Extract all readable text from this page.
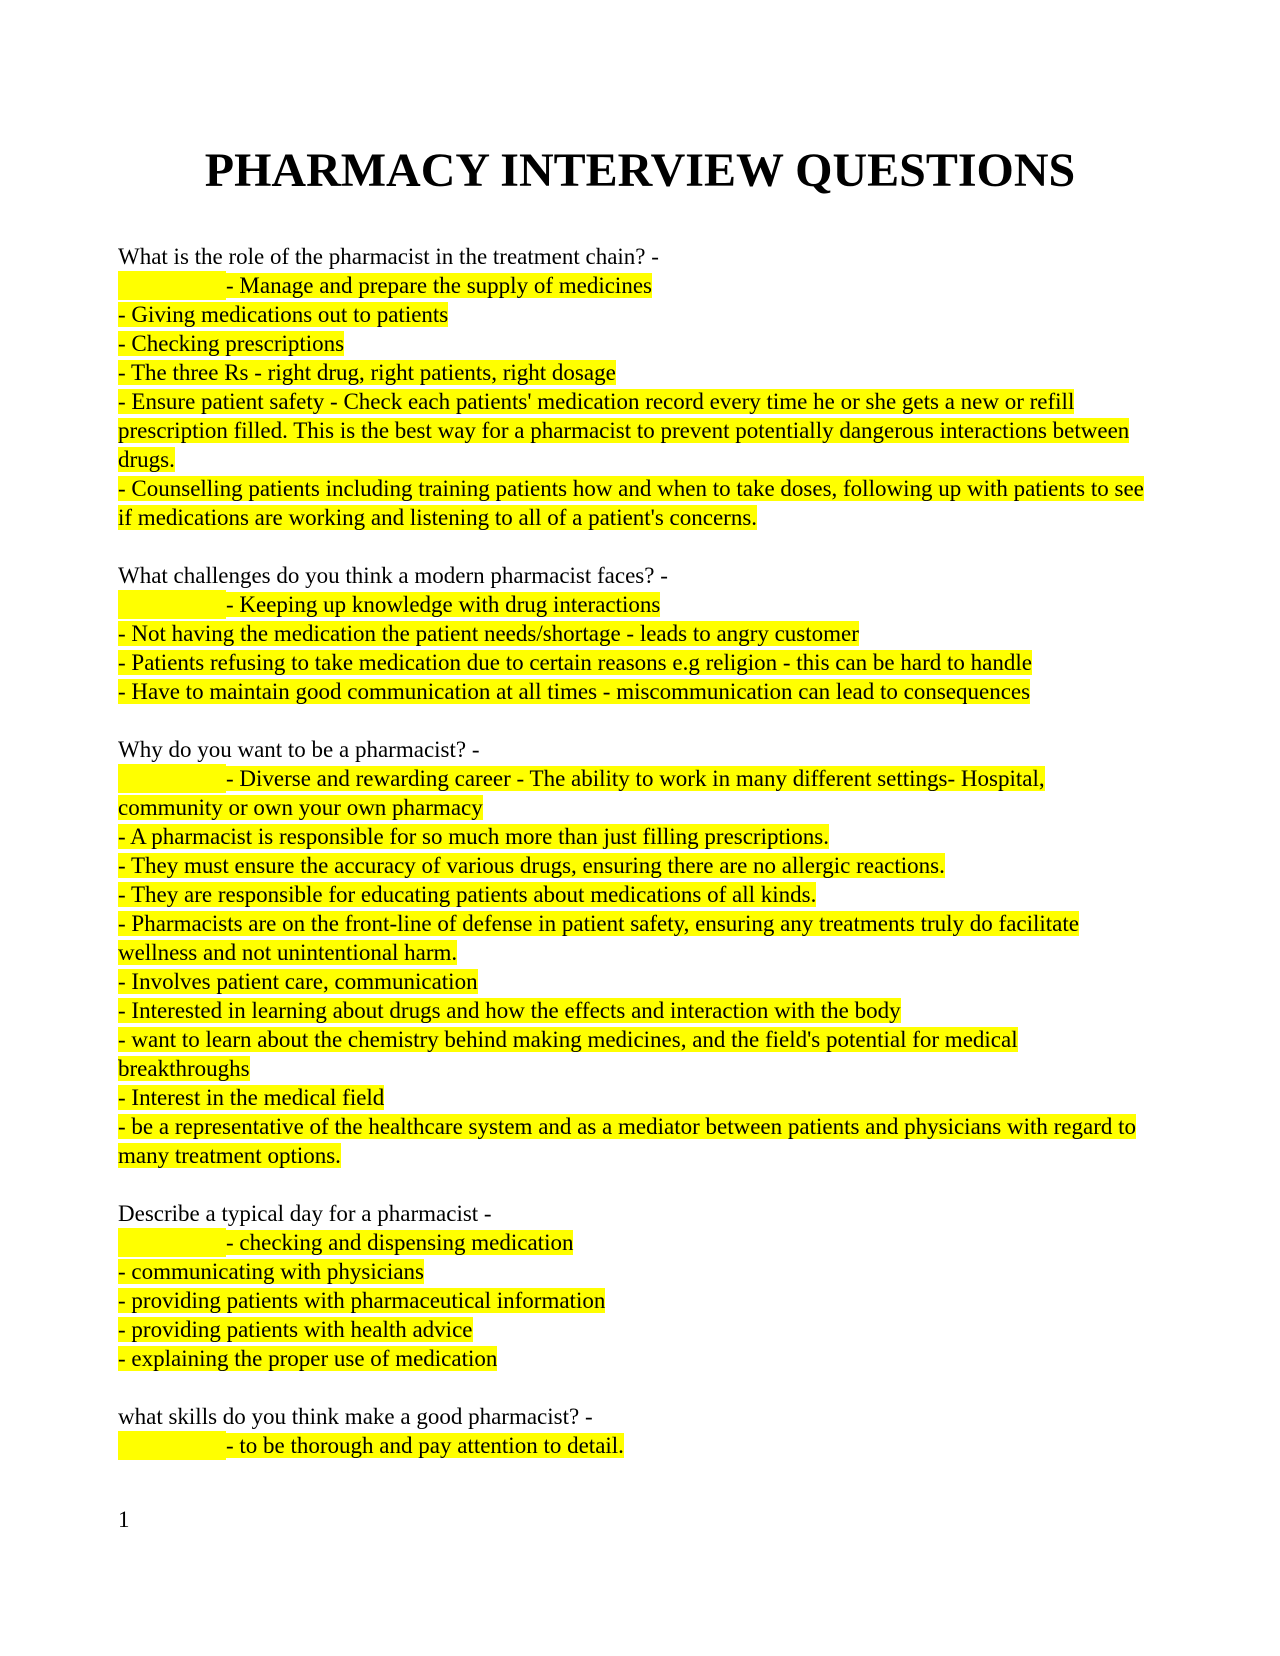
PHARMACY INTERVIEW QUESTIONS
What is the role of the pharmacist in the treatment chain? -
- Manage and prepare the supply of medicines
- Giving medications out to patients
- Checking prescriptions
- The three Rs - right drug, right patients, right dosage
- Ensure patient safety - Check each patients' medication record every time he or she gets a new or refill prescription filled. This is the best way for a pharmacist to prevent potentially dangerous interactions between drugs.
- Counselling patients including training patients how and when to take doses, following up with patients to see if medications are working and listening to all of a patient's concerns.
What challenges do you think a modern pharmacist faces? -
- Keeping up knowledge with drug interactions
- Not having the medication the patient needs/shortage - leads to angry customer
- Patients refusing to take medication due to certain reasons e.g religion - this can be hard to handle
- Have to maintain good communication at all times - miscommunication can lead to consequences
Why do you want to be a pharmacist? -
- Diverse and rewarding career - The ability to work in many different settings- Hospital, community or own your own pharmacy
- A pharmacist is responsible for so much more than just filling prescriptions.
- They must ensure the accuracy of various drugs, ensuring there are no allergic reactions.
- They are responsible for educating patients about medications of all kinds.
- Pharmacists are on the front-line of defense in patient safety, ensuring any treatments truly do facilitate wellness and not unintentional harm.
- Involves patient care, communication
- Interested in learning about drugs and how the effects and interaction with the body
- want to learn about the chemistry behind making medicines, and the field's potential for medical breakthroughs
- Interest in the medical field
- be a representative of the healthcare system and as a mediator between patients and physicians with regard to many treatment options.
Describe a typical day for a pharmacist -
- checking and dispensing medication
- communicating with physicians
- providing patients with pharmaceutical information
- providing patients with health advice
- explaining the proper use of medication
what skills do you think make a good pharmacist? -
- to be thorough and pay attention to detail.
1
